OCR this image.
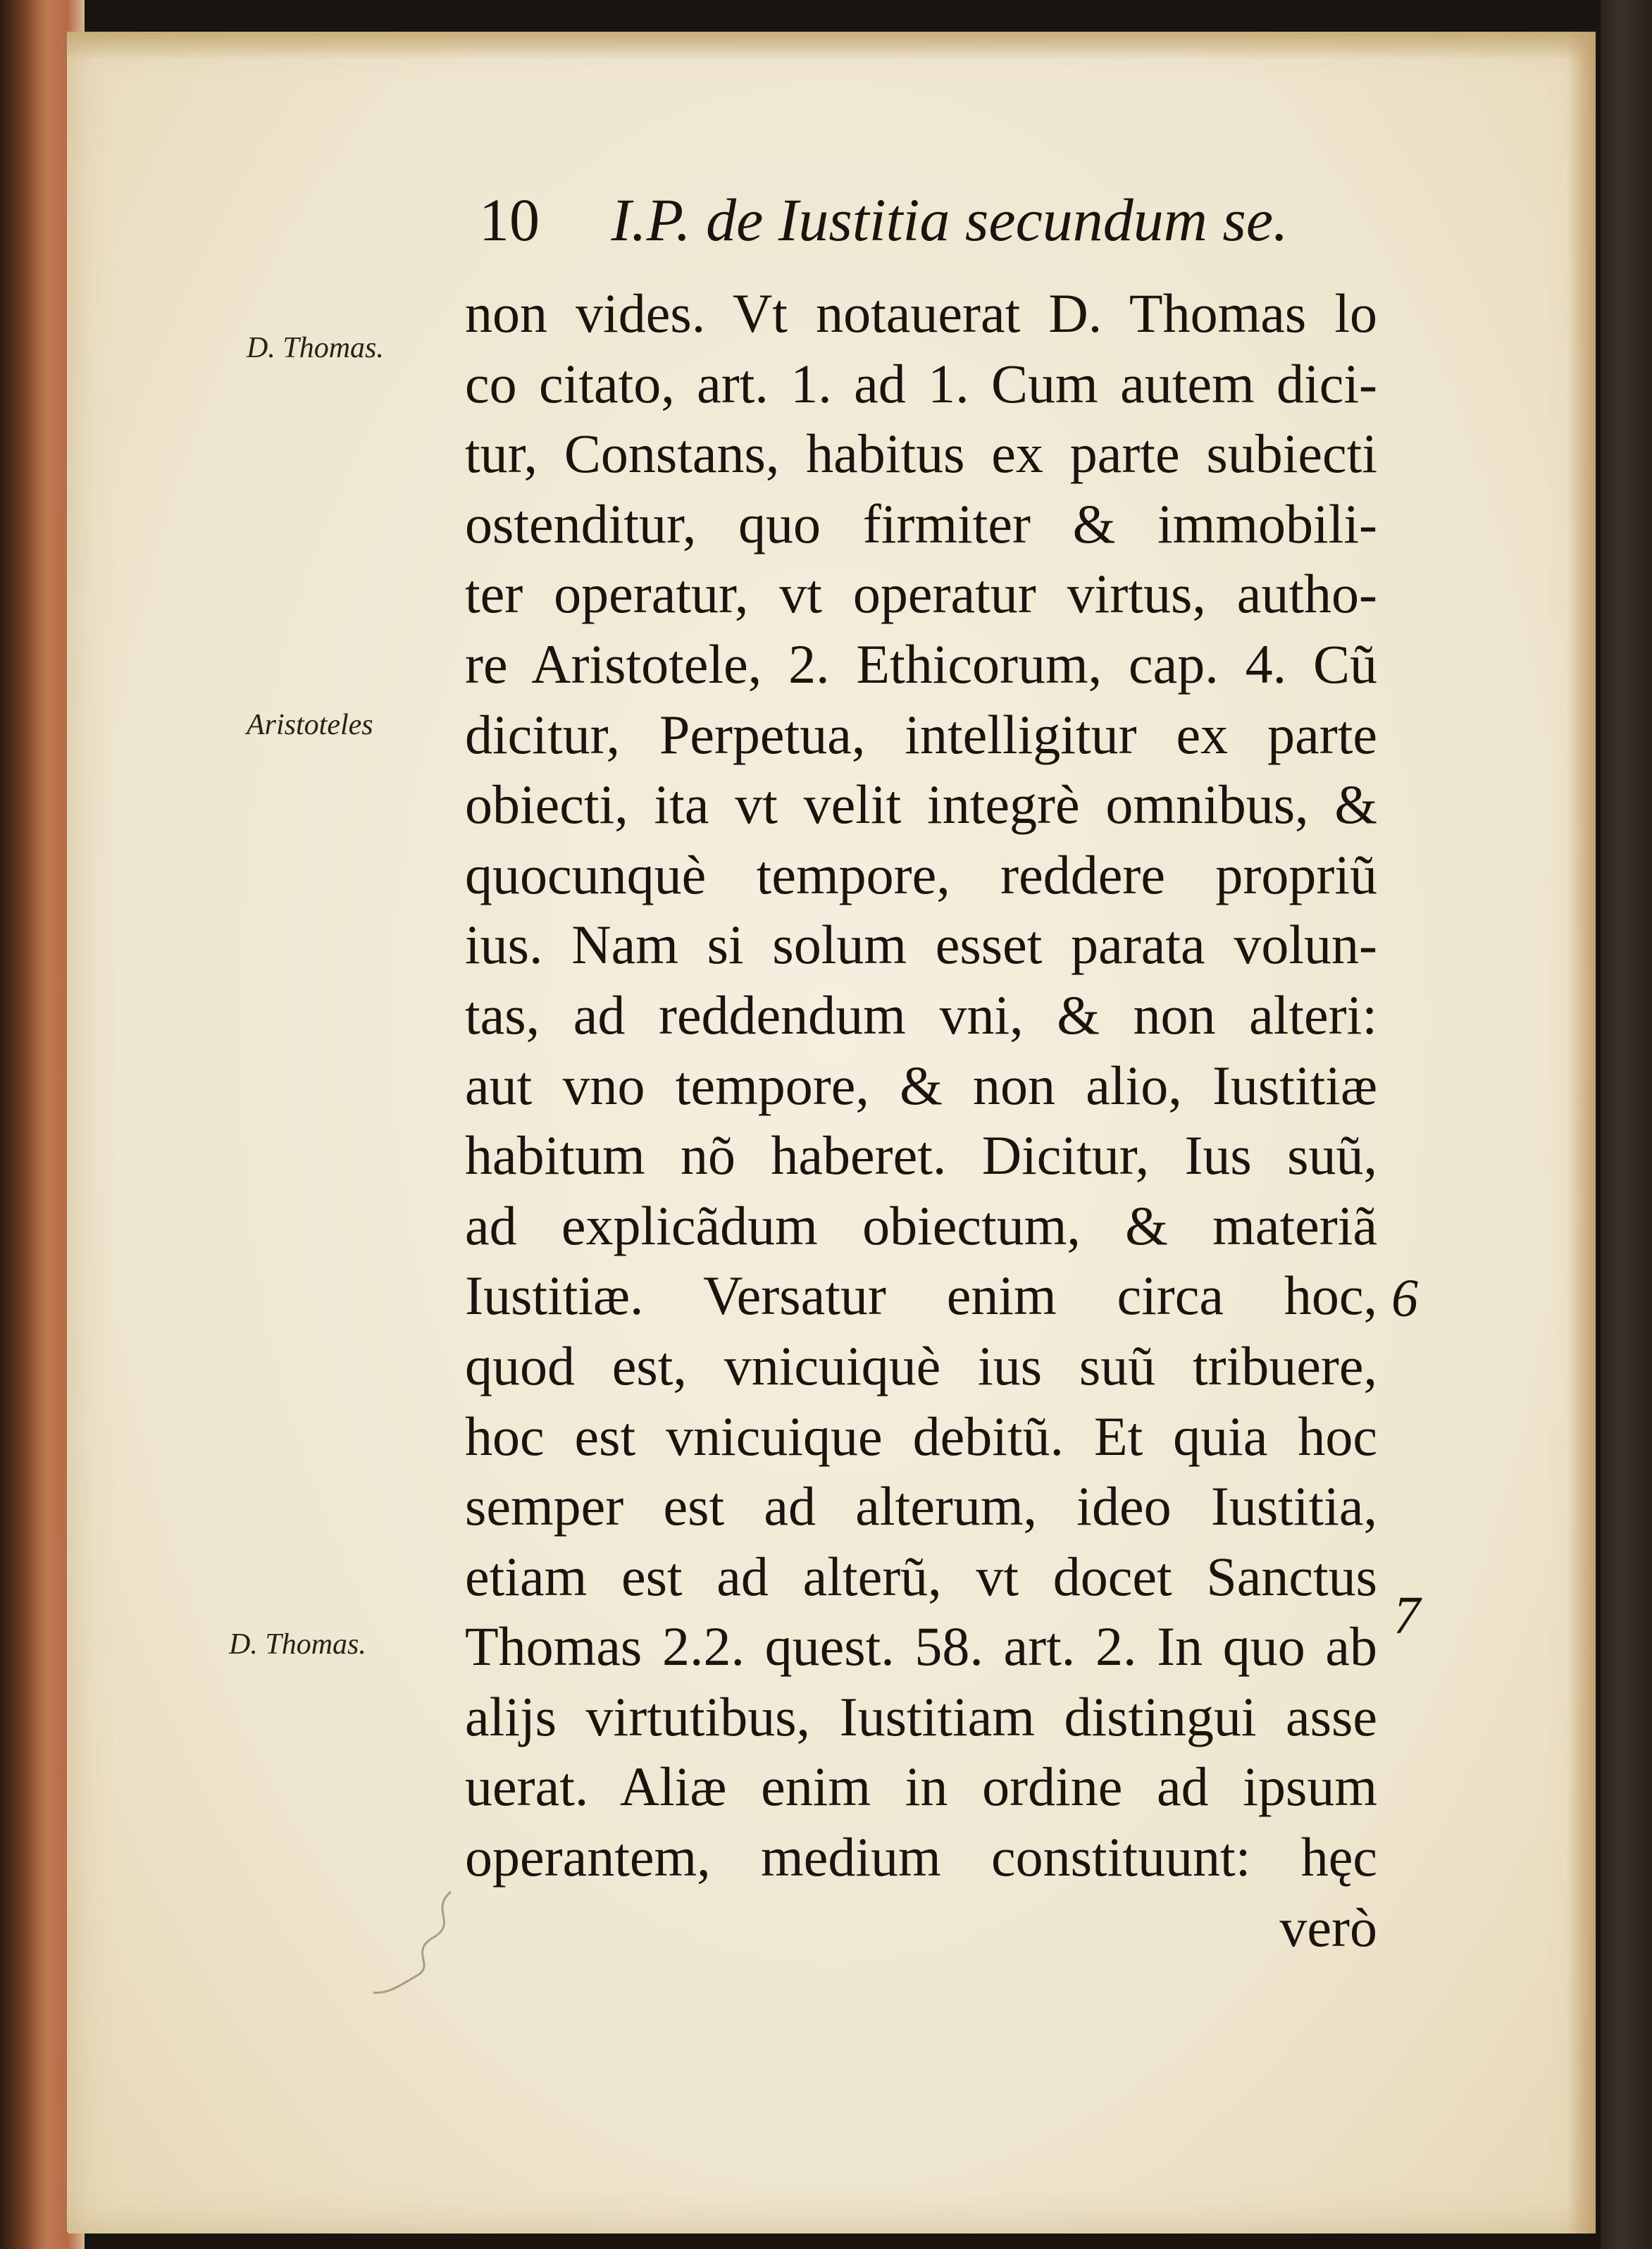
10 I.P. de Iustitia secundum se.
non vides. Vt notauerat D. Thomas lo
co citato, art. 1. ad 1. Cum autem dici-
tur, Constans, habitus ex parte subiecti
ostenditur, quo firmiter & immobili-
ter operatur, vt operatur virtus, autho-
re Aristotele, 2. Ethicorum, cap. 4. Cũ
dicitur, Perpetua, intelligitur ex parte
obiecti, ita vt velit integrè omnibus, &
quocunquè tempore, reddere propriũ
ius. Nam si solum esset parata volun-
tas, ad reddendum vni, & non alteri:
aut vno tempore, & non alio, Iustitiæ
habitum nõ haberet. Dicitur, Ius suũ,
ad explicãdum obiectum, & materiã
Iustitiæ. Versatur enim circa hoc,
quod est, vnicuiquè ius suũ tribuere,
hoc est vnicuique debitũ. Et quia hoc
semper est ad alterum, ideo Iustitia,
etiam est ad alterũ, vt docet Sanctus
Thomas 2.2. quest. 58. art. 2. In quo ab
alijs virtutibus, Iustitiam distingui asse
uerat. Aliæ enim in ordine ad ipsum
operantem, medium constituunt: hęc
verò
D. Thomas.
Aristoteles
D. Thomas.
6
7
